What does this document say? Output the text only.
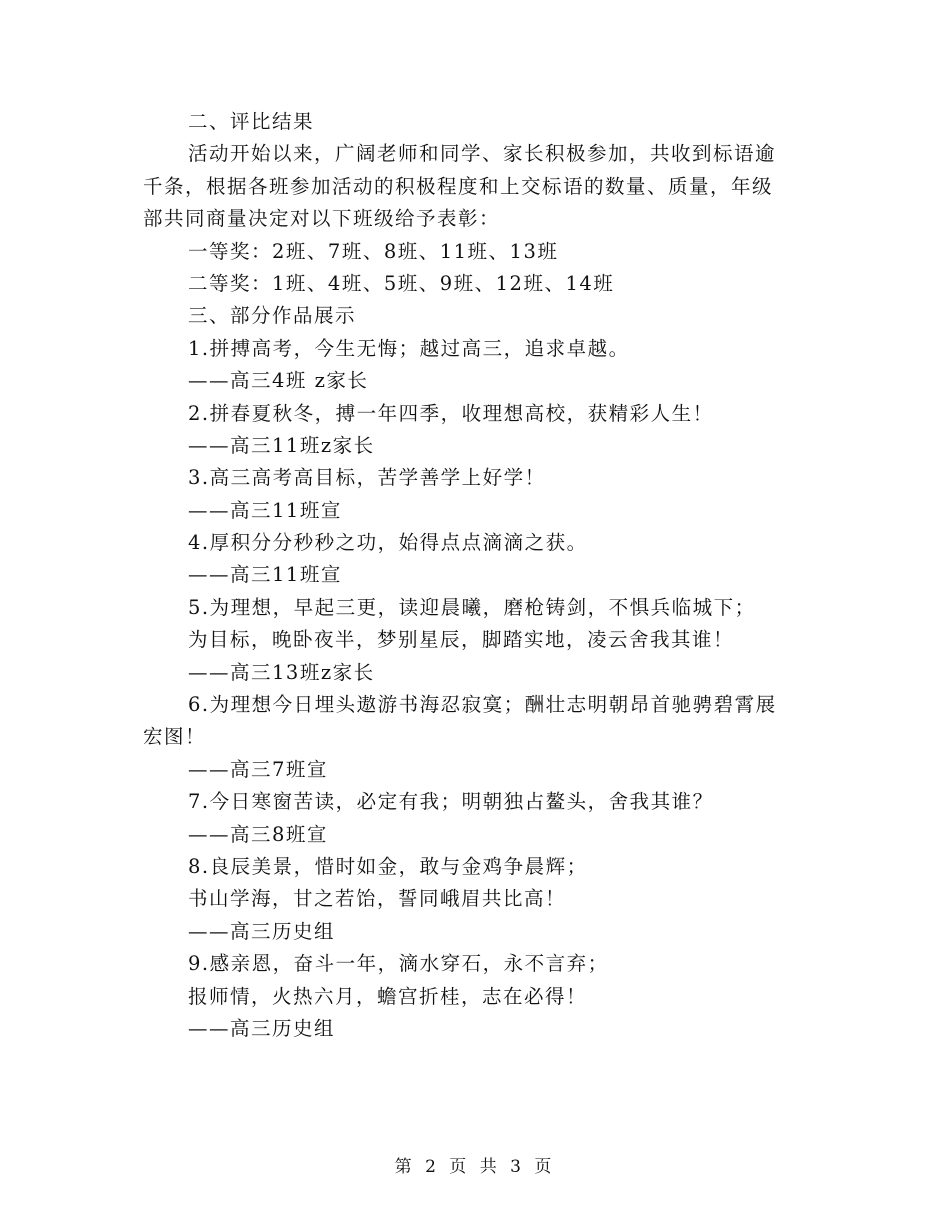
二、评比结果
活动开始以来，广阔老师和同学、家长积极参加，共收到标语逾
千条，根据各班参加活动的积极程度和上交标语的数量、质量，年级
部共同商量决定对以下班级给予表彰：
一等奖：2班、7班、8班、11班、13班
二等奖：1班、4班、5班、9班、12班、14班
三、部分作品展示
1.拼搏高考，今生无悔；越过高三，追求卓越。
——高三4班 z家长
2.拼春夏秋冬，搏一年四季，收理想高校，获精彩人生！
——高三11班z家长
3.高三高考高目标，苦学善学上好学！
——高三11班宣
4.厚积分分秒秒之功，始得点点滴滴之获。
——高三11班宣
5.为理想，早起三更，读迎晨曦，磨枪铸剑，不惧兵临城下；
为目标，晚卧夜半，梦别星辰，脚踏实地，凌云舍我其谁！
——高三13班z家长
6.为理想今日埋头遨游书海忍寂寞；酬壮志明朝昂首驰骋碧霄展
宏图！
——高三7班宣
7.今日寒窗苦读，必定有我；明朝独占鳌头，舍我其谁？
——高三8班宣
8.良辰美景，惜时如金，敢与金鸡争晨辉；
书山学海，甘之若饴，誓同峨眉共比高！
——高三历史组
9.感亲恩，奋斗一年，滴水穿石，永不言弃；
报师情，火热六月，蟾宫折桂，志在必得！
——高三历史组
第 2 页 共 3 页
